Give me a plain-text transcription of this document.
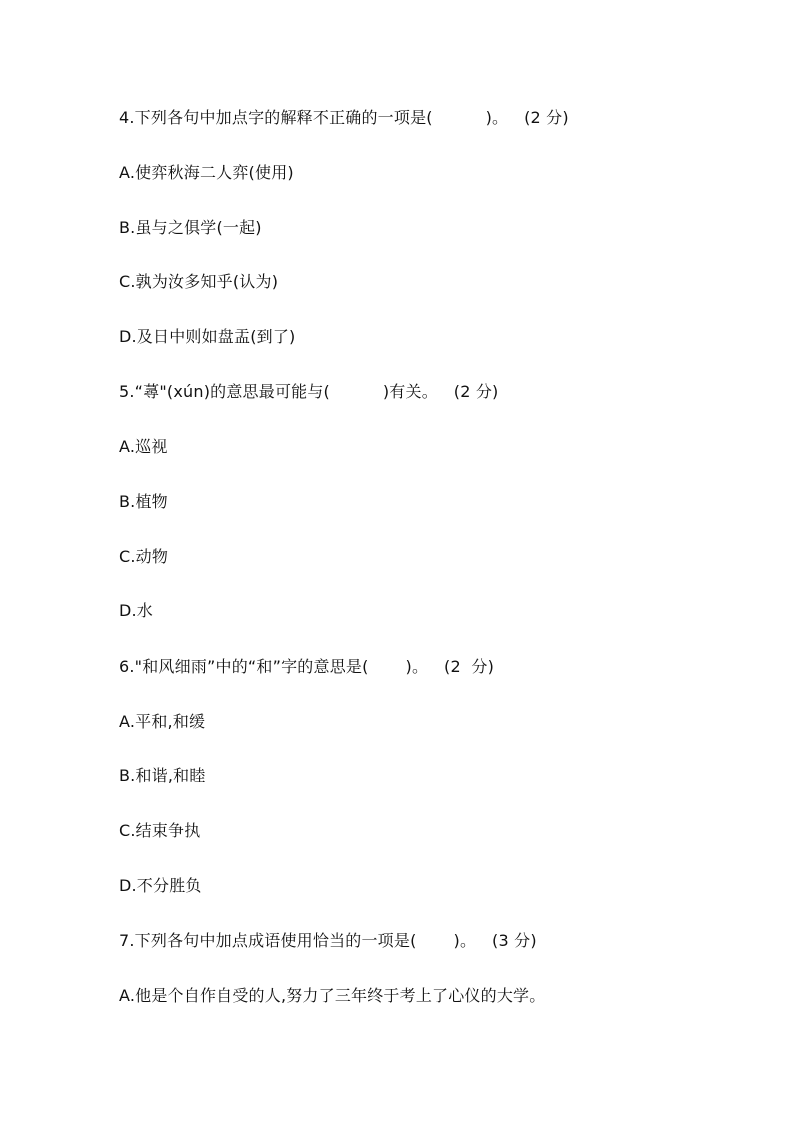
4.下列各句中加点字的解释不正确的一项是(          )。   (2 分)
A.使弈秋海二人弈(使用)
B.虽与之俱学(一起)
C.孰为汝多知乎(认为)
D.及日中则如盘盂(到了)
5.“蕁"(xún)的意思最可能与(          )有关。   (2 分)
A.巡视
B.植物
C.动物
D.水
6."和风细雨”中的“和”字的意思是(       )。   (2  分)
A.平和,和缓
B.和谐,和睦
C.结束争执
D.不分胜负
7.下列各句中加点成语使用恰当的一项是(       )。   (3 分)
A.他是个自作自受的人,努力了三年终于考上了心仪的大学。
